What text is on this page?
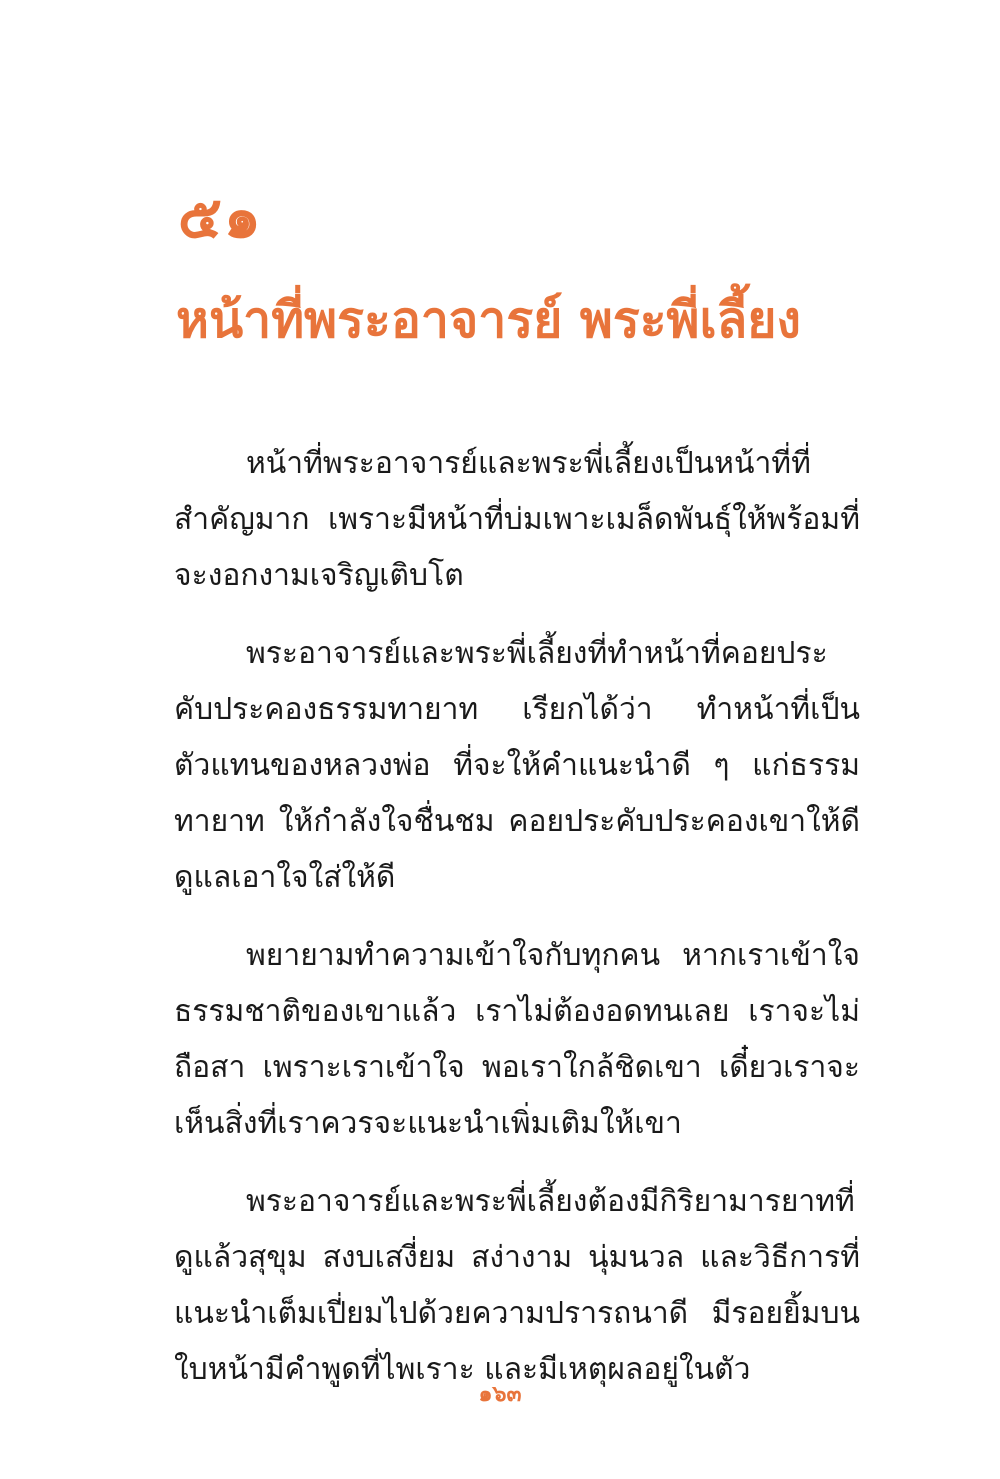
๕๑
หน้าที่พระอาจารย์ พระพี่เลี้ยง

หน้าที่พระอาจารย์และพระพี่เลี้ยงเป็นหน้าที่ที่สำคัญมาก เพราะมีหน้าที่บ่มเพาะเมล็ดพันธุ์ให้พร้อมที่จะงอกงามเจริญเติบโต

พระอาจารย์และพระพี่เลี้ยงที่ทำหน้าที่คอยประคับประคองธรรมทายาท เรียกได้ว่า ทำหน้าที่เป็นตัวแทนของหลวงพ่อ ที่จะให้คำแนะนำดี ๆ แก่ธรรมทายาท ให้กำลังใจชื่นชม คอยประคับประคองเขาให้ดี ดูแลเอาใจใส่ให้ดี

พยายามทำความเข้าใจกับทุกคน หากเราเข้าใจธรรมชาติของเขาแล้ว เราไม่ต้องอดทนเลย เราจะไม่ถือสา เพราะเราเข้าใจ พอเราใกล้ชิดเขา เดี๋ยวเราจะเห็นสิ่งที่เราควรจะแนะนำเพิ่มเติมให้เขา

พระอาจารย์และพระพี่เลี้ยงต้องมีกิริยามารยาทที่ดูแล้วสุขุม สงบเสงี่ยม สง่างาม นุ่มนวล และวิธีการที่แนะนำเต็มเปี่ยมไปด้วยความปรารถนาดี มีรอยยิ้มบนใบหน้ามีคำพูดที่ไพเราะ และมีเหตุผลอยู่ในตัว

๑๖๓
